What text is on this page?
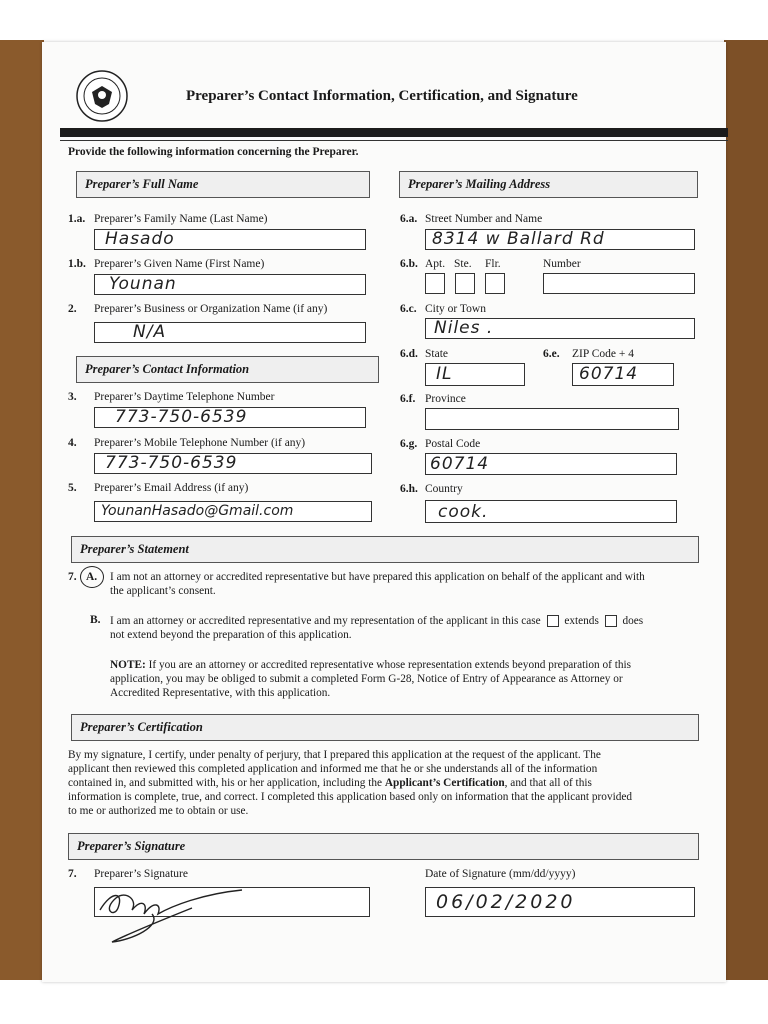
Preparer’s Contact Information, Certification, and Signature
Provide the following information concerning the Preparer.
Preparer’s Full Name	Preparer’s Mailing Address
1.a. Preparer’s Family Name (Last Name)
Hasado
1.b. Preparer’s Given Name (First Name)
Younan
2. Preparer’s Business or Organization Name (if any)
N/A
Preparer’s Contact Information
3. Preparer’s Daytime Telephone Number
773-750-6539
4. Preparer’s Mobile Telephone Number (if any)
773-750-6539
5. Preparer’s Email Address (if any)
YounanHasado@Gmail.com
6.a. Street Number and Name
8314 w Ballard Rd
6.b. Apt. Ste. Flr.	Number
6.c. City or Town
Niles .
6.d. State
IL
6.e. ZIP Code + 4
60714
6.f. Province
6.g. Postal Code
60714
6.h. Country
cook.
Preparer’s Statement
7. A. I am not an attorney or accredited representative but have prepared this application on behalf of the applicant and with
the applicant’s consent.
B. I am an attorney or accredited representative and my representation of the applicant in this case extends does
not extend beyond the preparation of this application.
NOTE: If you are an attorney or accredited representative whose representation extends beyond preparation of this
application, you may be obliged to submit a completed Form G-28, Notice of Entry of Appearance as Attorney or
Accredited Representative, with this application.
Preparer’s Certification
By my signature, I certify, under penalty of perjury, that I prepared this application at the request of the applicant. The
applicant then reviewed this completed application and informed me that he or she understands all of the information
contained in, and submitted with, his or her application, including the Applicant’s Certification, and that all of this
information is complete, true, and correct. I completed this application based only on information that the applicant provided
to me or authorized me to obtain or use.
Preparer’s Signature
7. Preparer’s Signature	Date of Signature (mm/dd/yyyy)
06/02/2020
